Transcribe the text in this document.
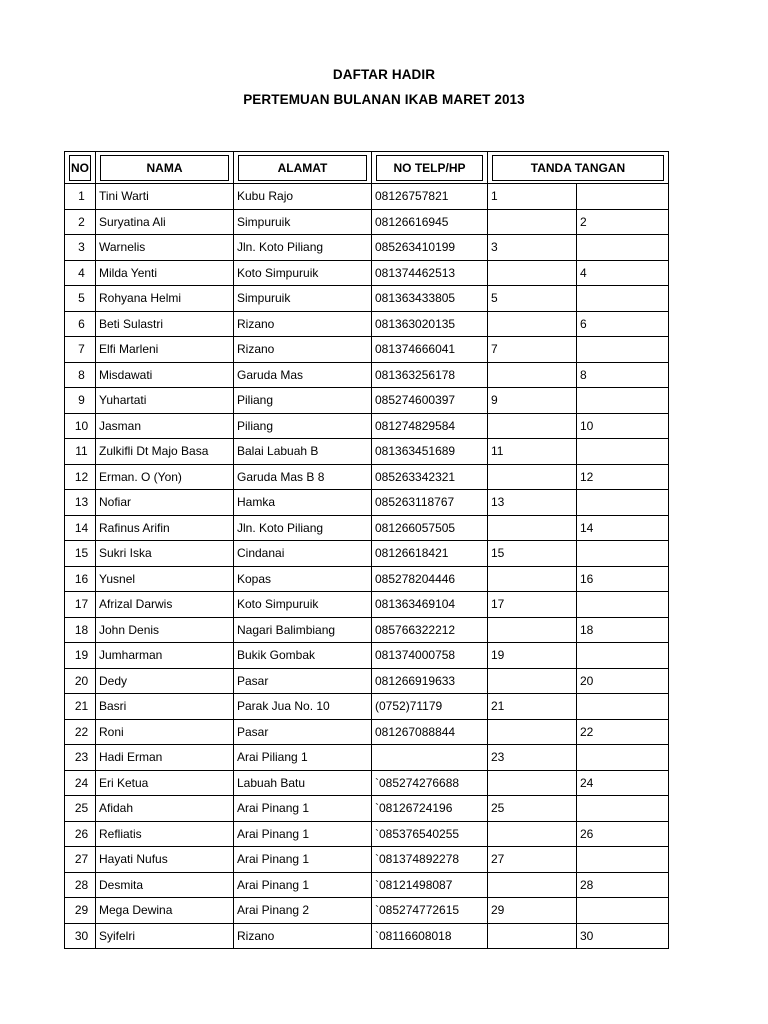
DAFTAR HADIR
PERTEMUAN BULANAN IKAB MARET 2013
NO	NAMA	ALAMAT	NO TELP/HP	TANDA TANGAN	

1	Tini Warti	Kubu Rajo	08126757821	1	
2	Suryatina Ali	Simpuruik	08126616945		2
3	Warnelis	Jln. Koto Piliang	085263410199	3	
4	Milda Yenti	Koto Simpuruik	081374462513		4
5	Rohyana Helmi	Simpuruik	081363433805	5	
6	Beti Sulastri	Rizano	081363020135		6
7	Elfi Marleni	Rizano	081374666041	7	
8	Misdawati	Garuda Mas	081363256178		8
9	Yuhartati	Piliang	085274600397	9	
10	Jasman	Piliang	081274829584		10
11	Zulkifli Dt Majo Basa	Balai Labuah B	081363451689	11	
12	Erman. O (Yon)	Garuda Mas B 8	085263342321		12
13	Nofiar	Hamka	085263118767	13	
14	Rafinus Arifin	Jln. Koto Piliang	081266057505		14
15	Sukri Iska	Cindanai	08126618421	15	
16	Yusnel	Kopas	085278204446		16
17	Afrizal Darwis	Koto Simpuruik	081363469104	17	
18	John Denis	Nagari Balimbiang	085766322212		18
19	Jumharman	Bukik Gombak	081374000758	19	
20	Dedy	Pasar	081266919633		20
21	Basri	Parak Jua No. 10	(0752)71179	21	
22	Roni	Pasar	081267088844		22
23	Hadi Erman	Arai Piliang 1		23	
24	Eri Ketua	Labuah Batu	`085274276688		24
25	Afidah	Arai Pinang 1	`08126724196	25	
26	Refliatis	Arai Pinang 1	`085376540255		26
27	Hayati Nufus	Arai Pinang 1	`081374892278	27	
28	Desmita	Arai Pinang 1	`08121498087		28
29	Mega Dewina	Arai Pinang 2	`085274772615	29	
30	Syifelri	Rizano	`08116608018		30
